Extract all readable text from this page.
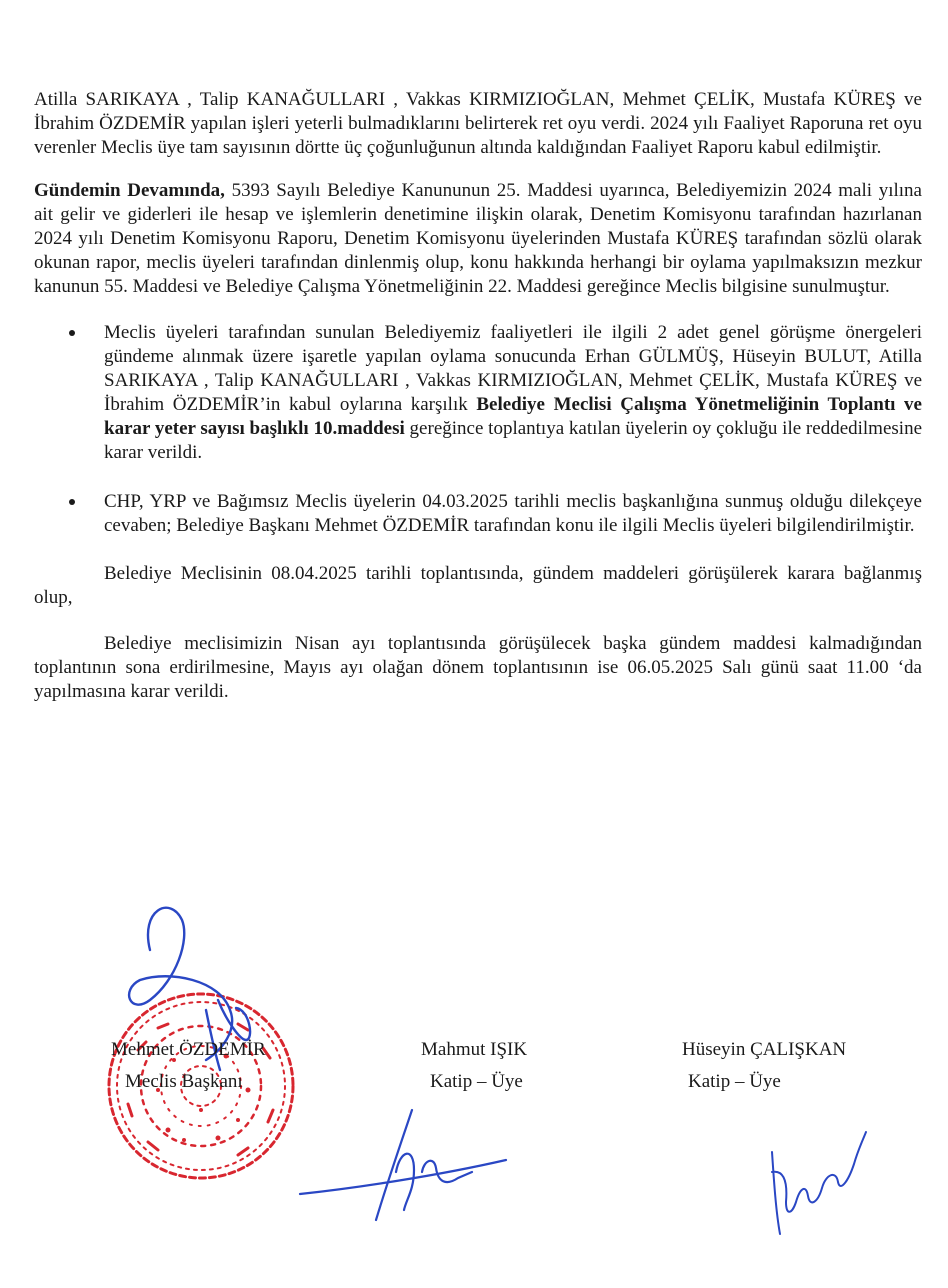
Atilla SARIKAYA , Talip KANAĞULLARI , Vakkas KIRMIZIOĞLAN, Mehmet ÇELİK, Mustafa KÜREŞ ve İbrahim ÖZDEMİR yapılan işleri yeterli bulmadıklarını belirterek ret oyu verdi. 2024 yılı Faaliyet Raporuna ret oyu verenler Meclis üye tam sayısının dörtte üç çoğunluğunun altında kaldığından Faaliyet Raporu kabul edilmiştir.

Gündemin Devamında, 5393 Sayılı Belediye Kanununun 25. Maddesi uyarınca, Belediyemizin 2024 mali yılına ait gelir ve giderleri ile hesap ve işlemlerin denetimine ilişkin olarak, Denetim Komisyonu tarafından hazırlanan 2024 yılı Denetim Komisyonu Raporu, Denetim Komisyonu üyelerinden Mustafa KÜREŞ tarafından sözlü olarak okunan rapor, meclis üyeleri tarafından dinlenmiş olup, konu hakkında herhangi bir oylama yapılmaksızın mezkur kanunun 55. Maddesi ve Belediye Çalışma Yönetmeliğinin 22. Maddesi gereğince Meclis bilgisine sunulmuştur.

Meclis üyeleri tarafından sunulan Belediyemiz faaliyetleri ile ilgili 2 adet genel görüşme önergeleri gündeme alınmak üzere işaretle yapılan oylama sonucunda Erhan GÜLMÜŞ, Hüseyin BULUT, Atilla SARIKAYA , Talip KANAĞULLARI , Vakkas KIRMIZIOĞLAN, Mehmet ÇELİK, Mustafa KÜREŞ ve İbrahim ÖZDEMİR’in kabul oylarına karşılık Belediye Meclisi Çalışma Yönetmeliğinin Toplantı ve karar yeter sayısı başlıklı 10.maddesi gereğince toplantıya katılan üyelerin oy çokluğu ile reddedilmesine karar verildi.
CHP, YRP ve Bağımsız Meclis üyelerin 04.03.2025 tarihli meclis başkanlığına sunmuş olduğu dilekçeye cevaben; Belediye Başkanı Mehmet ÖZDEMİR tarafından konu ile ilgili Meclis üyeleri bilgilendirilmiştir.

Belediye Meclisinin 08.04.2025 tarihli toplantısında, gündem maddeleri görüşülerek karara bağlanmış olup,

Belediye meclisimizin Nisan ayı toplantısında görüşülecek başka gündem maddesi kalmadığından toplantının sona erdirilmesine, Mayıs ayı olağan dönem toplantısının ise 06.05.2025 Salı günü saat 11.00 ‘da yapılmasına karar verildi.

Mehmet ÖZDEMİR
Meclis Başkanı
Mahmut IŞIK
Katip – Üye
Hüseyin ÇALIŞKAN
Katip – Üye
